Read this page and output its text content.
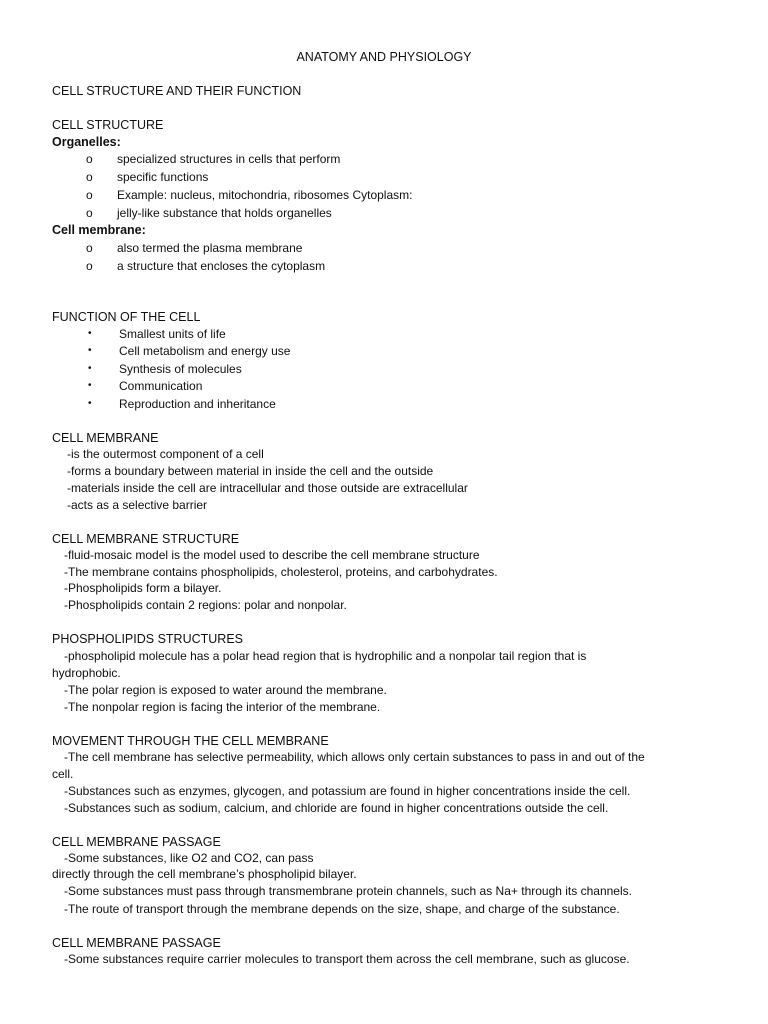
ANATOMY AND PHYSIOLOGY
CELL STRUCTURE AND THEIR FUNCTION
CELL STRUCTURE
Organelles:
o specialized structures in cells that perform
o specific functions
o Example: nucleus, mitochondria, ribosomes Cytoplasm:
o jelly-like substance that holds organelles
Cell membrane:
o also termed the plasma membrane
o a structure that encloses the cytoplasm
FUNCTION OF THE CELL
• Smallest units of life
• Cell metabolism and energy use
• Synthesis of molecules
• Communication
• Reproduction and inheritance
CELL MEMBRANE
-is the outermost component of a cell
-forms a boundary between material in inside the cell and the outside
-materials inside the cell are intracellular and those outside are extracellular
-acts as a selective barrier
CELL MEMBRANE STRUCTURE
-fluid-mosaic model is the model used to describe the cell membrane structure
-The membrane contains phospholipids, cholesterol, proteins, and carbohydrates.
-Phospholipids form a bilayer.
-Phospholipids contain 2 regions: polar and nonpolar.
PHOSPHOLIPIDS STRUCTURES
-phospholipid molecule has a polar head region that is hydrophilic and a nonpolar tail region that is
hydrophobic.
-The polar region is exposed to water around the membrane.
-The nonpolar region is facing the interior of the membrane.
MOVEMENT THROUGH THE CELL MEMBRANE
-The cell membrane has selective permeability, which allows only certain substances to pass in and out of the
cell.
-Substances such as enzymes, glycogen, and potassium are found in higher concentrations inside the cell.
-Substances such as sodium, calcium, and chloride are found in higher concentrations outside the cell.
CELL MEMBRANE PASSAGE
-Some substances, like O2 and CO2, can pass
directly through the cell membrane’s phospholipid bilayer.
-Some substances must pass through transmembrane protein channels, such as Na+ through its channels.
-The route of transport through the membrane depends on the size, shape, and charge of the substance.
CELL MEMBRANE PASSAGE
-Some substances require carrier molecules to transport them across the cell membrane, such as glucose.
